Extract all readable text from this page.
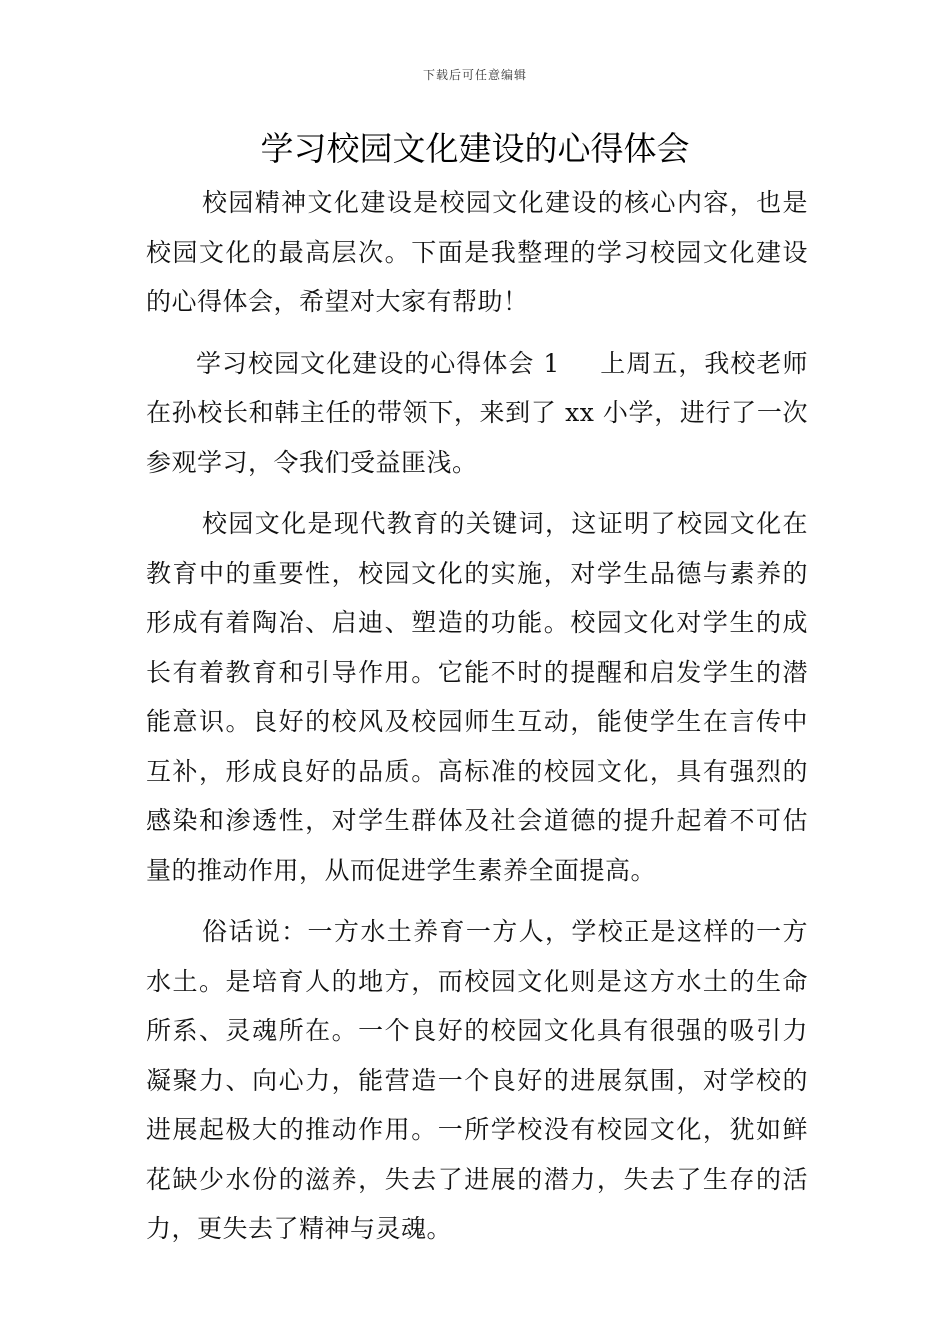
下载后可任意编辑
学习校园文化建设的心得体会

校园精神文化建设是校园文化建设的核心内容，也是校园文化的最高层次。下面是我整理的学习校园文化建设的心得体会，希望对大家有帮助！

学习校园文化建设的心得体会 1 上周五，我校老师在孙校长和韩主任的带领下，来到了 xx 小学，进行了一次参观学习，令我们受益匪浅。

校园文化是现代教育的关键词，这证明了校园文化在教育中的重要性，校园文化的实施，对学生品德与素养的形成有着陶冶、启迪、塑造的功能。校园文化对学生的成长有着教育和引导作用。它能不时的提醒和启发学生的潜能意识。良好的校风及校园师生互动，能使学生在言传中互补，形成良好的品质。高标准的校园文化，具有强烈的感染和渗透性，对学生群体及社会道德的提升起着不可估量的推动作用，从而促进学生素养全面提高。

俗话说：一方水土养育一方人，学校正是这样的一方水土。是培育人的地方，而校园文化则是这方水土的生命所系、灵魂所在。一个良好的校园文化具有很强的吸引力凝聚力、向心力，能营造一个良好的进展氛围，对学校的进展起极大的推动作用。一所学校没有校园文化，犹如鲜花缺少水份的滋养，失去了进展的潜力，失去了生存的活力，更失去了精神与灵魂。
